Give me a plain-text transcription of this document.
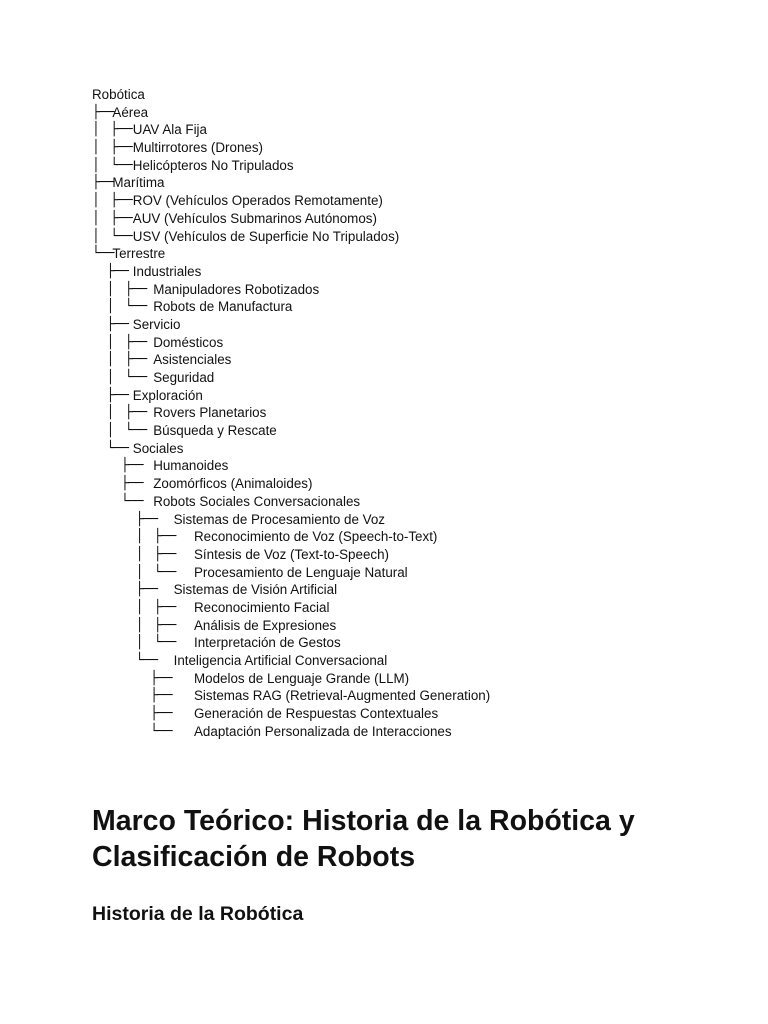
Robótica
├──
Aérea
│   ├──
UAV Ala Fija
│   ├──
Multirrotores (Drones)
│   └──
Helicópteros No Tripulados
├──
Marítima
│   ├──
ROV (Vehículos Operados Remotamente)
│   ├──
AUV (Vehículos Submarinos Autónomos)
│   └──
USV (Vehículos de Superficie No Tripulados)
└──
Terrestre
├── Industriales
│   ├── Manipuladores Robotizados
│   └── Robots de Manufactura
├── Servicio
│   ├── Domésticos
│   ├── Asistenciales
│   └── Seguridad
├── Exploración
│   ├── Rovers Planetarios
│   └── Búsqueda y Rescate
└── Sociales
├── Humanoides
├── Zoomórficos (Animaloides)
└── Robots Sociales Conversacionales
├── Sistemas de Procesamiento de Voz
│   ├── Reconocimiento de Voz (Speech-to-Text)
│   ├── Síntesis de Voz (Text-to-Speech)
│   └── Procesamiento de Lenguaje Natural
├── Sistemas de Visión Artificial
│   ├── Reconocimiento Facial
│   ├── Análisis de Expresiones
│   └── Interpretación de Gestos
└── Inteligencia Artificial Conversacional
├── Modelos de Lenguaje Grande (LLM)
├── Sistemas RAG (Retrieval-Augmented Generation)
├── Generación de Respuestas Contextuales
└── Adaptación Personalizada de Interacciones
Marco Teórico: Historia de la Robótica y Clasificación de Robots
Historia de la Robótica
